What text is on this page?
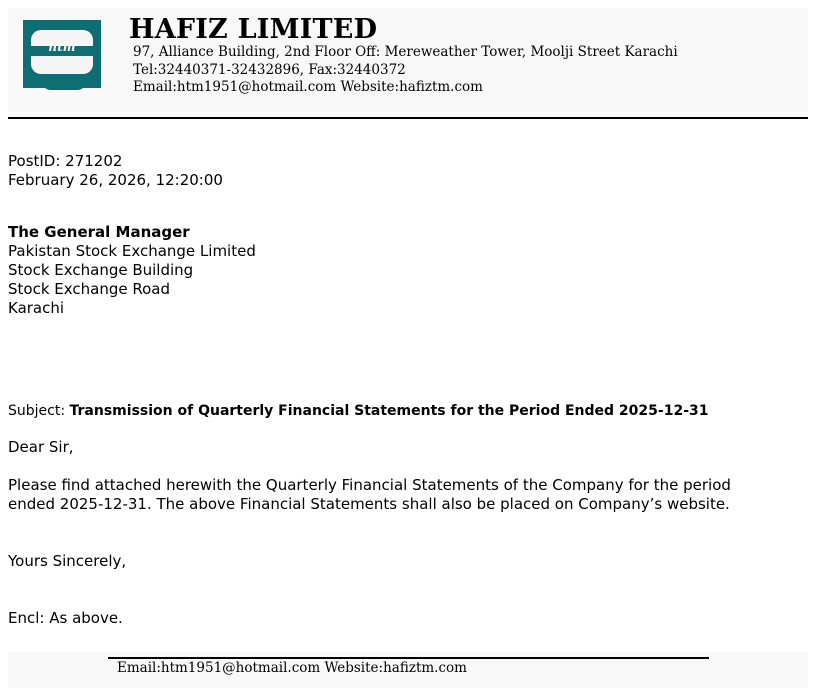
htm
HAFIZ LIMITED
97, Alliance Building, 2nd Floor Off: Mereweather Tower, Moolji Street Karachi
Tel:32440371-32432896, Fax:32440372
Email:htm1951@hotmail.com Website:hafiztm.com
PostID: 271202
February 26, 2026, 12:20:00
The General Manager
Pakistan Stock Exchange Limited
Stock Exchange Building
Stock Exchange Road
Karachi
Subject: Transmission of Quarterly Financial Statements for the Period Ended 2025-12-31
Dear Sir,
Please find attached herewith the Quarterly Financial Statements of the Company for the period
ended 2025-12-31. The above Financial Statements shall also be placed on Company’s website.
Yours Sincerely,
Encl: As above.
Email:htm1951@hotmail.com Website:hafiztm.com
